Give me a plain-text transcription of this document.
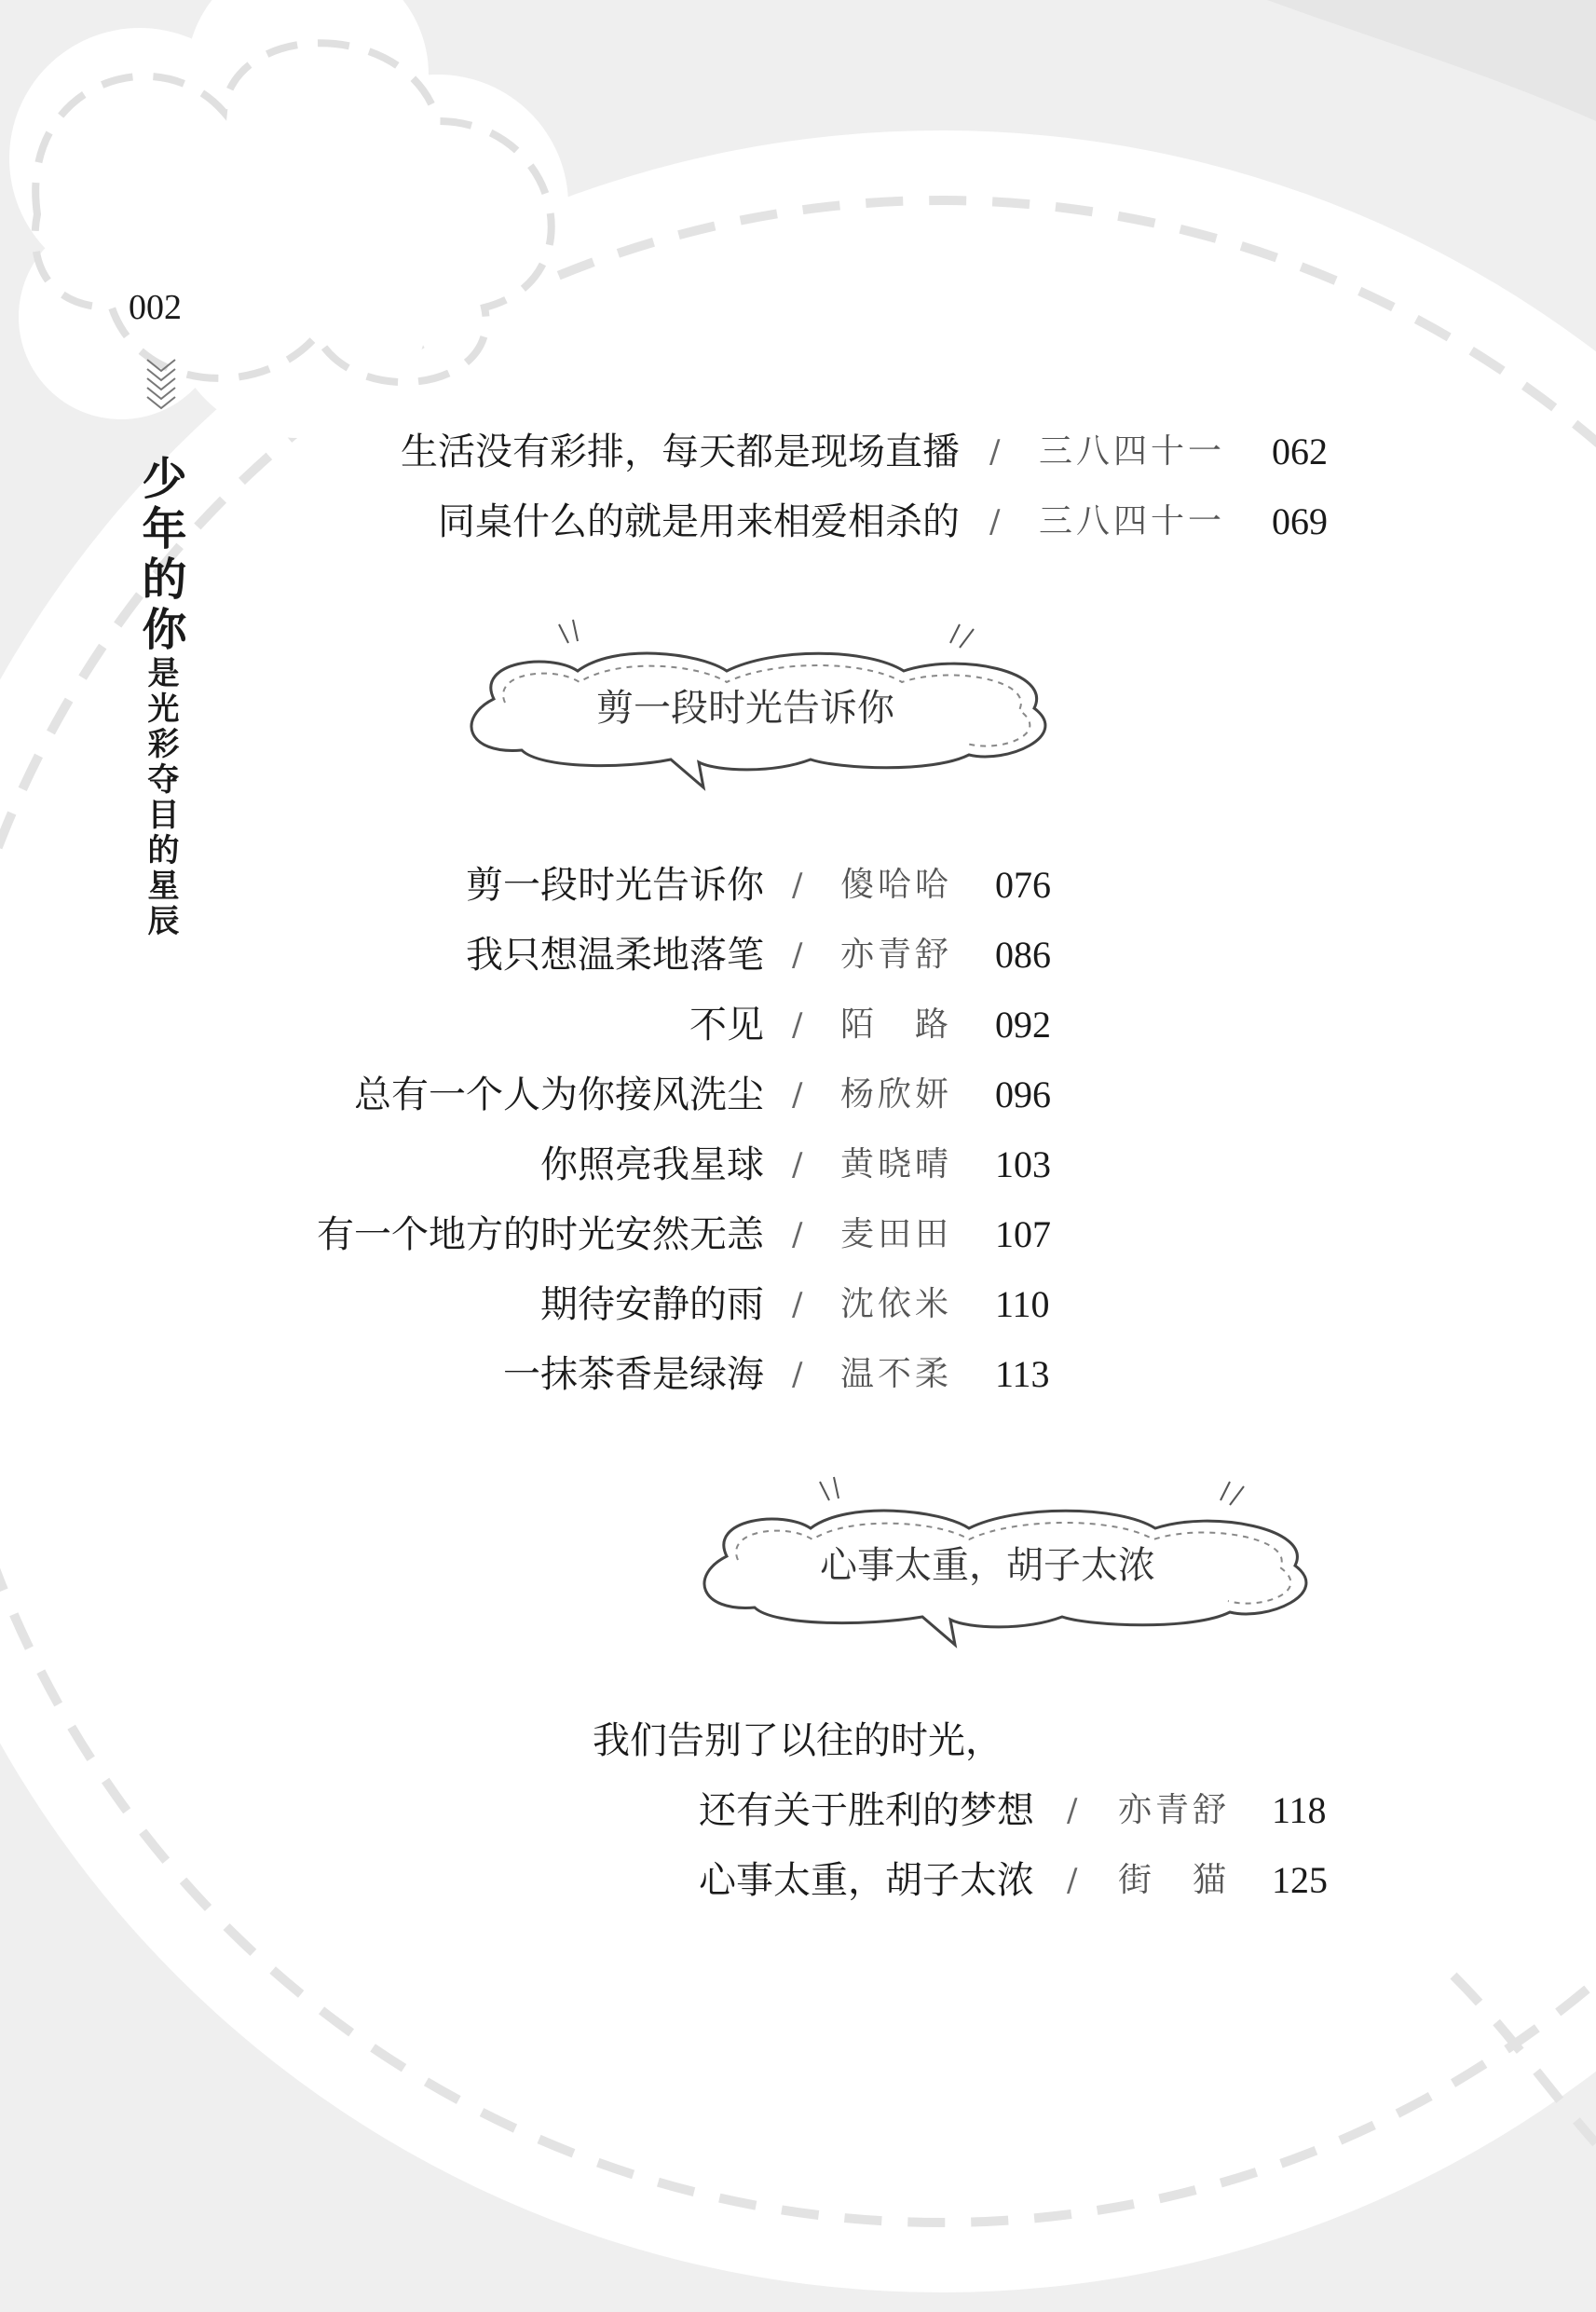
002
少年的你是光彩夺目的星辰
生活没有彩排，每天都是现场直播 / 三八四十一 062
同桌什么的就是用来相爱相杀的 / 三八四十一 069
剪一段时光告诉你
剪一段时光告诉你 / 傻哈哈 076
我只想温柔地落笔 / 亦青舒 086
不见 / 陌　路 092
总有一个人为你接风洗尘 / 杨欣妍 096
你照亮我星球 / 黄晓晴 103
有一个地方的时光安然无恙 / 麦田田 107
期待安静的雨 / 沈依米 110
一抹茶香是绿海 / 温不柔 113
心事太重，胡子太浓
我们告别了以往的时光，
还有关于胜利的梦想 / 亦青舒 118
心事太重，胡子太浓 / 街　猫 125
